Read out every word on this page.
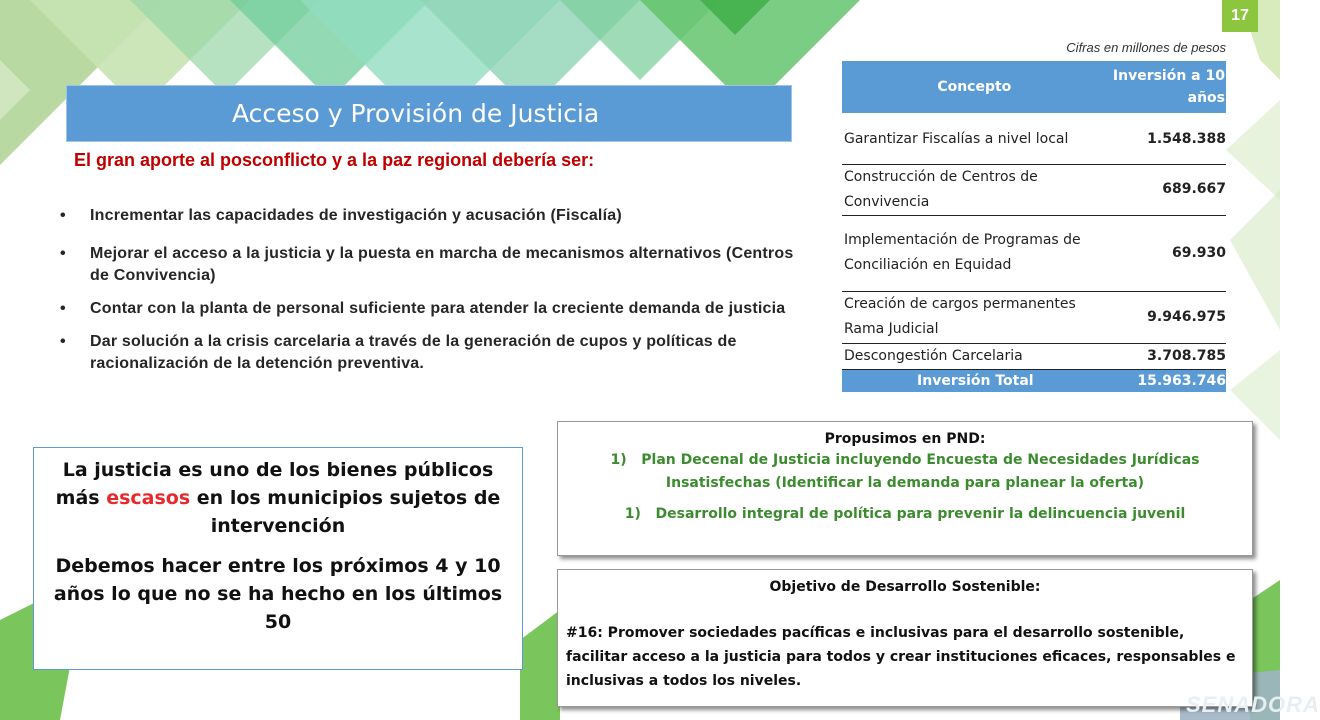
17
Acceso y Provisión de Justicia
El gran aporte al posconflicto y a la paz regional debería ser:
• Incrementar las capacidades de investigación y acusación (Fiscalía)
• Mejorar el acceso a la justicia y la puesta en marcha de mecanismos alternativos (Centros de Convivencia)
• Contar con la planta de personal suficiente para atender la creciente demanda de justicia
• Dar solución a la crisis carcelaria a través de la generación de cupos y políticas de racionalización de la detención preventiva.
La justicia es uno de los bienes públicos más escasos en los municipios sujetos de intervención
Debemos hacer entre los próximos 4 y 10 años lo que no se ha hecho en los últimos 50
Cifras en millones de pesos
Concepto	Inversión a 10 años
Garantizar Fiscalías a nivel local	1.548.388
Construcción de Centros de Convivencia	689.667
Implementación de Programas de Conciliación en Equidad	69.930
Creación de cargos permanentes Rama Judicial	9.946.975
Descongestión Carcelaria	3.708.785
Inversión Total	15.963.746
Propusimos en PND:
1)   Plan Decenal de Justicia incluyendo Encuesta de Necesidades Jurídicas Insatisfechas (Identificar la demanda para planear la oferta)
1)   Desarrollo integral de política para prevenir la delincuencia juvenil
Objetivo de Desarrollo Sostenible:
#16: Promover sociedades pacíficas e inclusivas para el desarrollo sostenible, facilitar acceso a la justicia para todos y crear instituciones eficaces, responsables e inclusivas a todos los niveles.
SENADORA
